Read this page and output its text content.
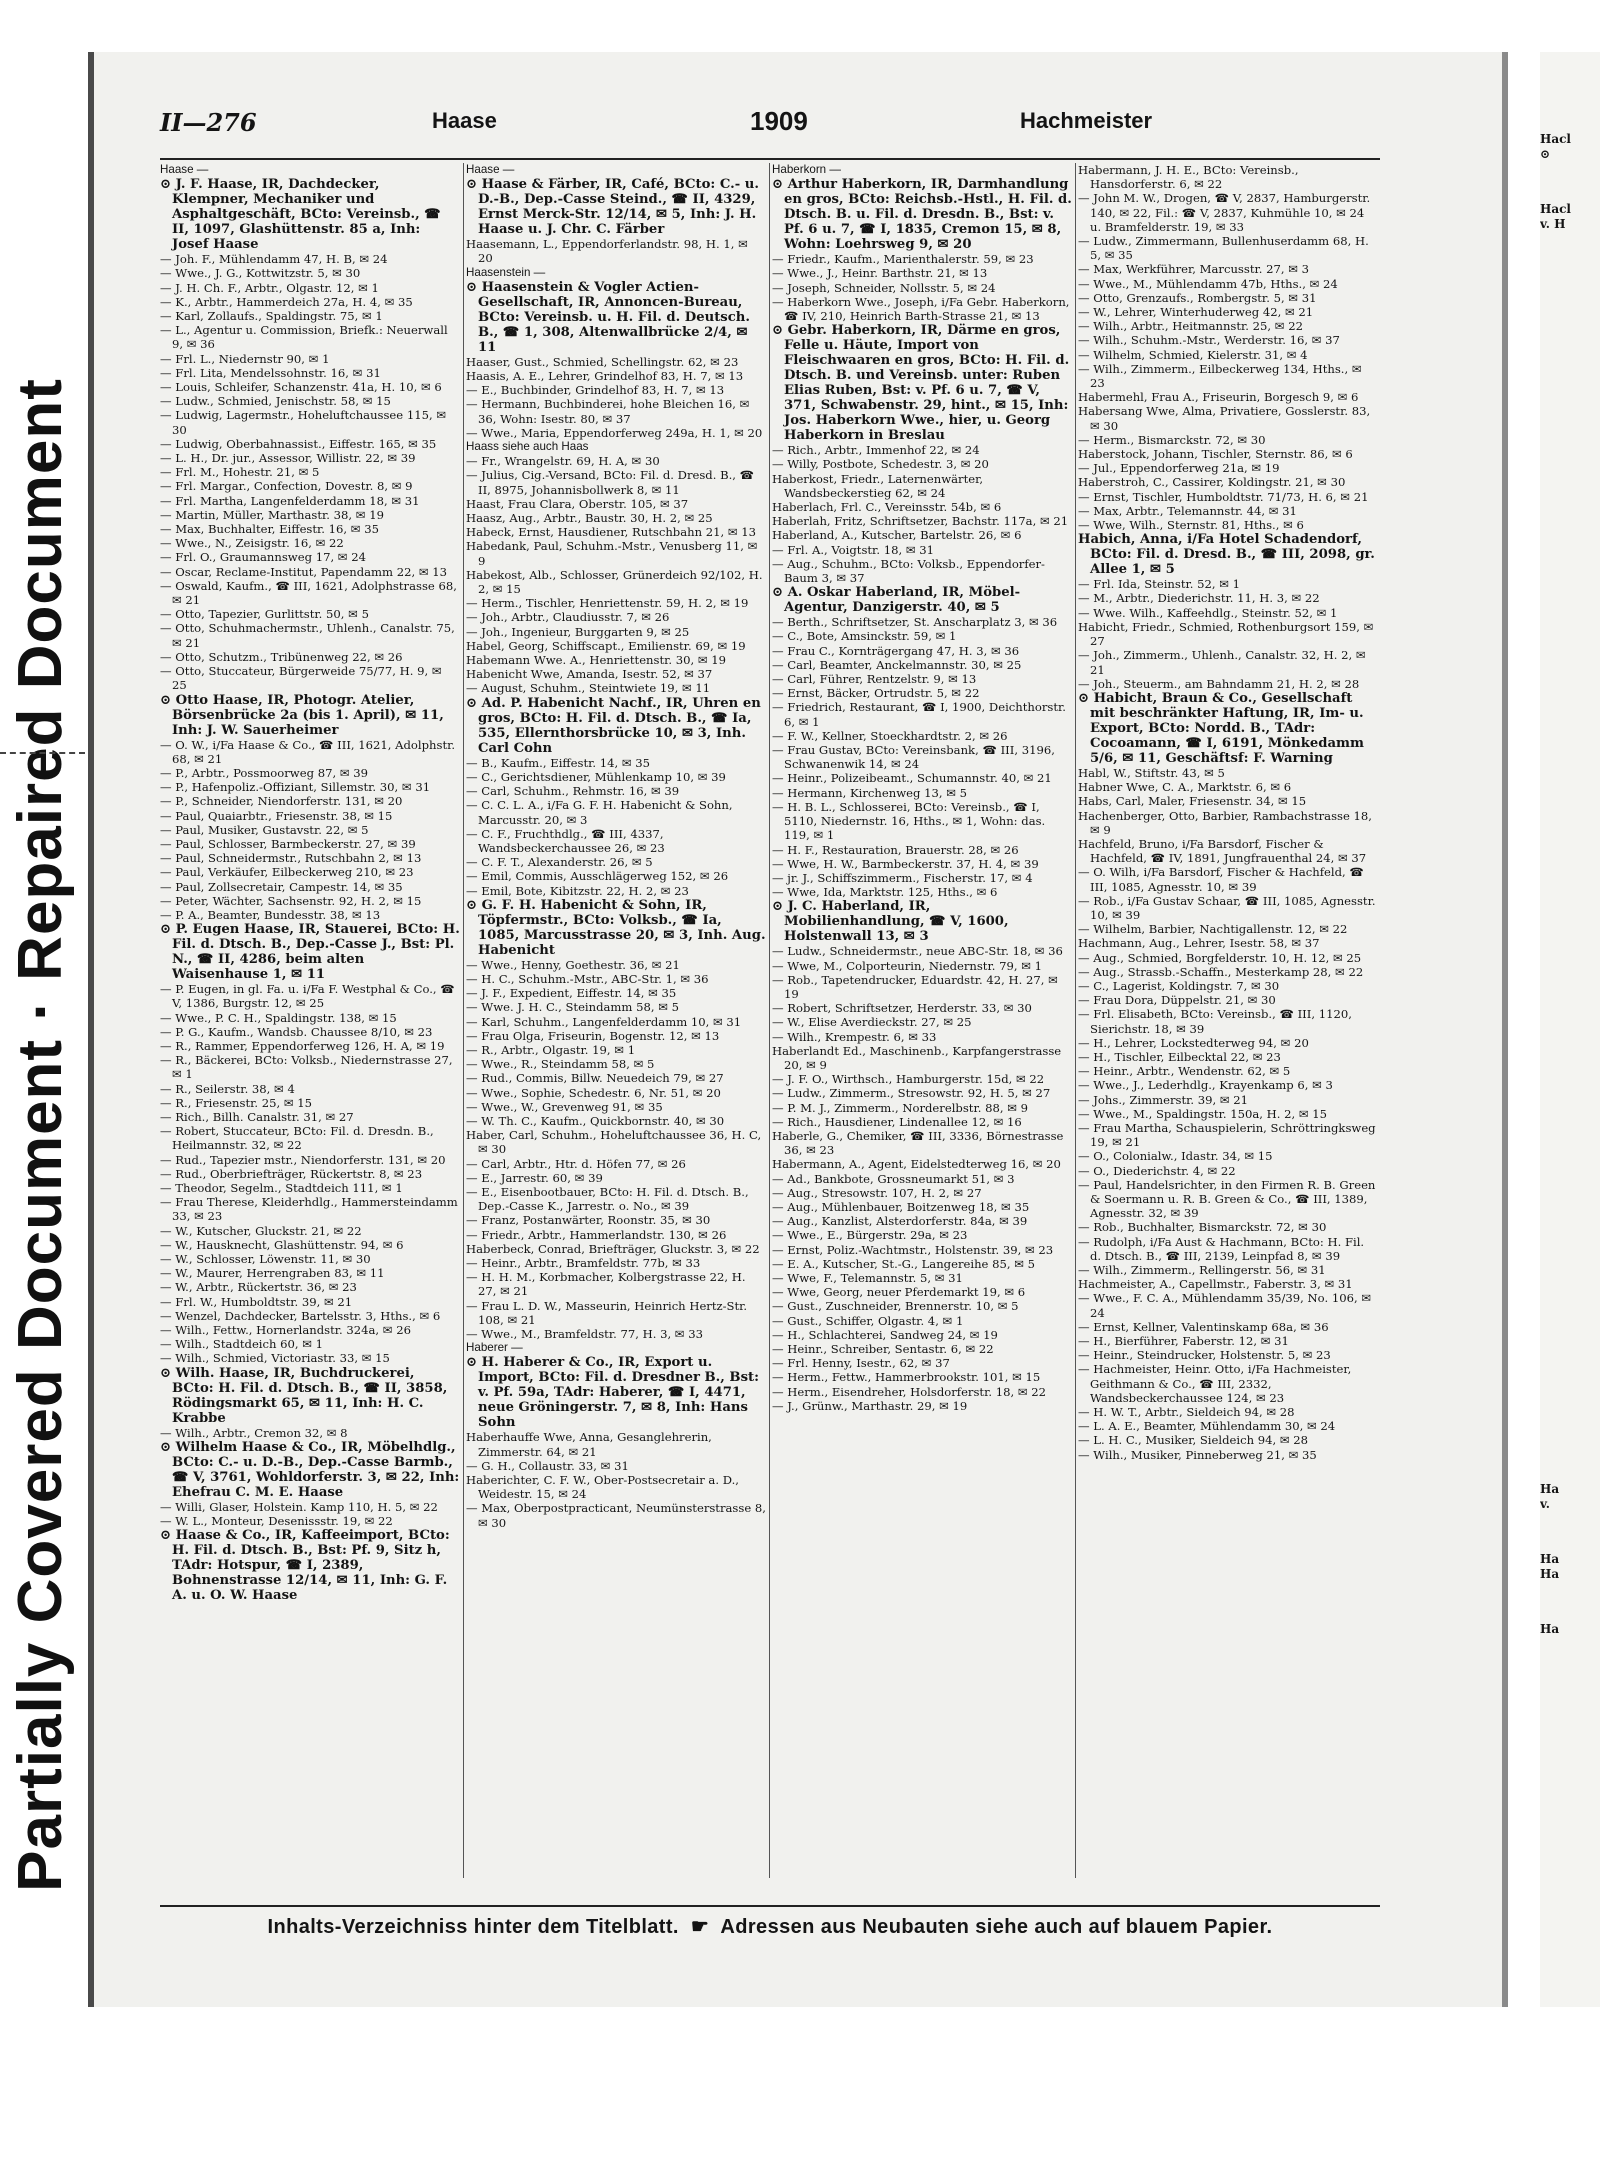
Partially Covered Document · Repaired Document
Hacl
⊙
Hacl
v. H
Ha
v.
Ha
Ha
Ha
II—276	Haase	1909	Hachmeister
Haase —
⊙ J. F. Haase, IR, Dachdecker, Klempner, Mechaniker und Asphaltgeschäft, BCto: Vereinsb., ☎ II, 1097, Glashüttenstr. 85 a, Inh: Josef Haase
— Joh. F., Mühlendamm 47, H. B, ✉ 24
— Wwe., J. G., Kottwitzstr. 5, ✉ 30
— J. H. Ch. F., Arbtr., Olgastr. 12, ✉ 1
— K., Arbtr., Hammerdeich 27a, H. 4, ✉ 35
— Karl, Zollaufs., Spaldingstr. 75, ✉ 1
— L., Agentur u. Commission, Briefk.: Neuerwall 9, ✉ 36
— Frl. L., Niedernstr 90, ✉ 1
— Frl. Lita, Mendelssohnstr. 16, ✉ 31
— Louis, Schleifer, Schanzenstr. 41a, H. 10, ✉ 6
— Ludw., Schmied, Jenischstr. 58, ✉ 15
— Ludwig, Lagermstr., Hoheluftchaussee 115, ✉ 30
— Ludwig, Oberbahnassist., Eiffestr. 165, ✉ 35
— L. H., Dr. jur., Assessor, Willistr. 22, ✉ 39
— Frl. M., Hohestr. 21, ✉ 5
— Frl. Margar., Confection, Dovestr. 8, ✉ 9
— Frl. Martha, Langenfelderdamm 18, ✉ 31
— Martin, Müller, Marthastr. 38, ✉ 19
— Max, Buchhalter, Eiffestr. 16, ✉ 35
— Wwe., N., Zeisigstr. 16, ✉ 22
— Frl. O., Graumannsweg 17, ✉ 24
— Oscar, Reclame-Institut, Papendamm 22, ✉ 13
— Oswald, Kaufm., ☎ III, 1621, Adolphstrasse 68, ✉ 21
— Otto, Tapezier, Gurlittstr. 50, ✉ 5
— Otto, Schuhmachermstr., Uhlenh., Canalstr. 75, ✉ 21
— Otto, Schutzm., Tribünenweg 22, ✉ 26
— Otto, Stuccateur, Bürgerweide 75/77, H. 9, ✉ 25
⊙ Otto Haase, IR, Photogr. Atelier, Börsenbrücke 2a (bis 1. April), ✉ 11, Inh: J. W. Sauerheimer
— O. W., i/Fa Haase & Co., ☎ III, 1621, Adolphstr. 68, ✉ 21
— P., Arbtr., Possmoorweg 87, ✉ 39
— P., Hafenpoliz.-Offiziant, Sillemstr. 30, ✉ 31
— P., Schneider, Niendorferstr. 131, ✉ 20
— Paul, Quaiarbtr., Friesenstr. 38, ✉ 15
— Paul, Musiker, Gustavstr. 22, ✉ 5
— Paul, Schlosser, Barmbeckerstr. 27, ✉ 39
— Paul, Schneidermstr., Rutschbahn 2, ✉ 13
— Paul, Verkäufer, Eilbeckerweg 210, ✉ 23
— Paul, Zollsecretair, Campestr. 14, ✉ 35
— Peter, Wächter, Sachsenstr. 92, H. 2, ✉ 15
— P. A., Beamter, Bundesstr. 38, ✉ 13
⊙ P. Eugen Haase, IR, Stauerei, BCto: H. Fil. d. Dtsch. B., Dep.-Casse J., Bst: Pl. N., ☎ II, 4286, beim alten Waisenhause 1, ✉ 11
— P. Eugen, in gl. Fa. u. i/Fa F. Westphal & Co., ☎ V, 1386, Burgstr. 12, ✉ 25
— Wwe., P. C. H., Spaldingstr. 138, ✉ 15
— P. G., Kaufm., Wandsb. Chaussee 8/10, ✉ 23
— R., Rammer, Eppendorferweg 126, H. A, ✉ 19
— R., Bäckerei, BCto: Volksb., Niedernstrasse 27, ✉ 1
— R., Seilerstr. 38, ✉ 4
— R., Friesenstr. 25, ✉ 15
— Rich., Billh. Canalstr. 31, ✉ 27
— Robert, Stuccateur, BCto: Fil. d. Dresdn. B., Heilmannstr. 32, ✉ 22
— Rud., Tapezier mstr., Niendorferstr. 131, ✉ 20
— Rud., Oberbriefträger, Rückertstr. 8, ✉ 23
— Theodor, Segelm., Stadtdeich 111, ✉ 1
— Frau Therese, Kleiderhdlg., Hammersteindamm 33, ✉ 23
— W., Kutscher, Gluckstr. 21, ✉ 22
— W., Hausknecht, Glashüttenstr. 94, ✉ 6
— W., Schlosser, Löwenstr. 11, ✉ 30
— W., Maurer, Herrengraben 83, ✉ 11
— W., Arbtr., Rückertstr. 36, ✉ 23
— Frl. W., Humboldtstr. 39, ✉ 21
— Wenzel, Dachdecker, Bartelsstr. 3, Hths., ✉ 6
— Wilh., Fettw., Hornerlandstr. 324a, ✉ 26
— Wilh., Stadtdeich 60, ✉ 1
— Wilh., Schmied, Victoriastr. 33, ✉ 15
⊙ Wilh. Haase, IR, Buchdruckerei, BCto: H. Fil. d. Dtsch. B., ☎ II, 3858, Rödingsmarkt 65, ✉ 11, Inh: H. C. Krabbe
— Wilh., Arbtr., Cremon 32, ✉ 8
⊙ Wilhelm Haase & Co., IR, Möbelhdlg., BCto: C.- u. D.-B., Dep.-Casse Barmb., ☎ V, 3761, Wohldorferstr. 3, ✉ 22, Inh: Ehefrau C. M. E. Haase
— Willi, Glaser, Holstein. Kamp 110, H. 5, ✉ 22
— W. L., Monteur, Desenissstr. 19, ✉ 22
⊙ Haase & Co., IR, Kaffeeimport, BCto: H. Fil. d. Dtsch. B., Bst: Pf. 9, Sitz h, TAdr: Hotspur, ☎ I, 2389, Bohnenstrasse 12/14, ✉ 11, Inh: G. F. A. u. O. W. Haase
Haase —
⊙ Haase & Färber, IR, Café, BCto: C.- u. D.-B., Dep.-Casse Steind., ☎ II, 4329, Ernst Merck-Str. 12/14, ✉ 5, Inh: J. H. Haase u. J. Chr. C. Färber
Haasemann, L., Eppendorferlandstr. 98, H. 1, ✉ 20
Haasenstein —
⊙ Haasenstein & Vogler Actien-Gesellschaft, IR, Annoncen-Bureau, BCto: Vereinsb. u. H. Fil. d. Deutsch. B., ☎ 1, 308, Altenwallbrücke 2/4, ✉ 11
Haaser, Gust., Schmied, Schellingstr. 62, ✉ 23
Haasis, A. E., Lehrer, Grindelhof 83, H. 7, ✉ 13
— E., Buchbinder, Grindelhof 83, H. 7, ✉ 13
— Hermann, Buchbinderei, hohe Bleichen 16, ✉ 36, Wohn: Isestr. 80, ✉ 37
— Wwe., Maria, Eppendorferweg 249a, H. 1, ✉ 20
Haass siehe auch Haas
— Fr., Wrangelstr. 69, H. A, ✉ 30
— Julius, Cig.-Versand, BCto: Fil. d. Dresd. B., ☎ II, 8975, Johannisbollwerk 8, ✉ 11
Haast, Frau Clara, Oberstr. 105, ✉ 37
Haasz, Aug., Arbtr., Baustr. 30, H. 2, ✉ 25
Habeck, Ernst, Hausdiener, Rutschbahn 21, ✉ 13
Habedank, Paul, Schuhm.-Mstr., Venusberg 11, ✉ 9
Habekost, Alb., Schlosser, Grünerdeich 92/102, H. 2, ✉ 15
— Herm., Tischler, Henriettenstr. 59, H. 2, ✉ 19
— Joh., Arbtr., Claudiusstr. 7, ✉ 26
— Joh., Ingenieur, Burggarten 9, ✉ 25
Habel, Georg, Schiffscapt., Emilienstr. 69, ✉ 19
Habemann Wwe. A., Henriettenstr. 30, ✉ 19
Habenicht Wwe, Amanda, Isestr. 52, ✉ 37
— August, Schuhm., Steintwiete 19, ✉ 11
⊙ Ad. P. Habenicht Nachf., IR, Uhren en gros, BCto: H. Fil. d. Dtsch. B., ☎ Ia, 535, Ellernthorsbrücke 10, ✉ 3, Inh. Carl Cohn
— B., Kaufm., Eiffestr. 14, ✉ 35
— C., Gerichtsdiener, Mühlenkamp 10, ✉ 39
— Carl, Schuhm., Rehmstr. 16, ✉ 39
— C. C. L. A., i/Fa G. F. H. Habenicht & Sohn, Marcusstr. 20, ✉ 3
— C. F., Fruchthdlg., ☎ III, 4337, Wandsbeckerchaussee 26, ✉ 23
— C. F. T., Alexanderstr. 26, ✉ 5
— Emil, Commis, Ausschlägerweg 152, ✉ 26
— Emil, Bote, Kibitzstr. 22, H. 2, ✉ 23
⊙ G. F. H. Habenicht & Sohn, IR, Töpfermstr., BCto: Volksb., ☎ Ia, 1085, Marcusstrasse 20, ✉ 3, Inh. Aug. Habenicht
— Wwe., Henny, Goethestr. 36, ✉ 21
— H. C., Schuhm.-Mstr., ABC-Str. 1, ✉ 36
— J. F., Expedient, Eiffestr. 14, ✉ 35
— Wwe. J. H. C., Steindamm 58, ✉ 5
— Karl, Schuhm., Langenfelderdamm 10, ✉ 31
— Frau Olga, Friseurin, Bogenstr. 12, ✉ 13
— R., Arbtr., Olgastr. 19, ✉ 1
— Wwe., R., Steindamm 58, ✉ 5
— Rud., Commis, Billw. Neuedeich 79, ✉ 27
— Wwe., Sophie, Schedestr. 6, Nr. 51, ✉ 20
— Wwe., W., Grevenweg 91, ✉ 35
— W. Th. C., Kaufm., Quickbornstr. 40, ✉ 30
Haber, Carl, Schuhm., Hoheluftchaussee 36, H. C, ✉ 30
— Carl, Arbtr., Htr. d. Höfen 77, ✉ 26
— E., Jarrestr. 60, ✉ 39
— E., Eisenbootbauer, BCto: H. Fil. d. Dtsch. B., Dep.-Casse K., Jarrestr. o. No., ✉ 39
— Franz, Postanwärter, Roonstr. 35, ✉ 30
— Friedr., Arbtr., Hammerlandstr. 130, ✉ 26
Haberbeck, Conrad, Briefträger, Gluckstr. 3, ✉ 22
— Heinr., Arbtr., Bramfeldstr. 77b, ✉ 33
— H. H. M., Korbmacher, Kolbergstrasse 22, H. 27, ✉ 21
— Frau L. D. W., Masseurin, Heinrich Hertz-Str. 108, ✉ 21
— Wwe., M., Bramfeldstr. 77, H. 3, ✉ 33
Haberer —
⊙ H. Haberer & Co., IR, Export u. Import, BCto: Fil. d. Dresdner B., Bst: v. Pf. 59a, TAdr: Haberer, ☎ I, 4471, neue Gröningerstr. 7, ✉ 8, Inh: Hans Sohn
Haberhauffe Wwe, Anna, Gesanglehrerin, Zimmerstr. 64, ✉ 21
— G. H., Collaustr. 33, ✉ 31
Haberichter, C. F. W., Ober-Postsecretair a. D., Weidestr. 15, ✉ 24
— Max, Oberpostpracticant, Neumünsterstrasse 8, ✉ 30
Haberkorn —
⊙ Arthur Haberkorn, IR, Darmhandlung en gros, BCto: Reichsb.-Hstl., H. Fil. d. Dtsch. B. u. Fil. d. Dresdn. B., Bst: v. Pf. 6 u. 7, ☎ I, 1835, Cremon 15, ✉ 8, Wohn: Loehrsweg 9, ✉ 20
— Friedr., Kaufm., Marienthalerstr. 59, ✉ 23
— Wwe., J., Heinr. Barthstr. 21, ✉ 13
— Joseph, Schneider, Nollsstr. 5, ✉ 24
— Haberkorn Wwe., Joseph, i/Fa Gebr. Haberkorn, ☎ IV, 210, Heinrich Barth-Strasse 21, ✉ 13
⊙ Gebr. Haberkorn, IR, Därme en gros, Felle u. Häute, Import von Fleischwaaren en gros, BCto: H. Fil. d. Dtsch. B. und Vereinsb. unter: Ruben Elias Ruben, Bst: v. Pf. 6 u. 7, ☎ V, 371, Schwabenstr. 29, hint., ✉ 15, Inh: Jos. Haberkorn Wwe., hier, u. Georg Haberkorn in Breslau
— Rich., Arbtr., Immenhof 22, ✉ 24
— Willy, Postbote, Schedestr. 3, ✉ 20
Haberkost, Friedr., Laternenwärter, Wandsbeckerstieg 62, ✉ 24
Haberlach, Frl. C., Vereinsstr. 54b, ✉ 6
Haberlah, Fritz, Schriftsetzer, Bachstr. 117a, ✉ 21
Haberland, A., Kutscher, Bartelstr. 26, ✉ 6
— Frl. A., Voigtstr. 18, ✉ 31
— Aug., Schuhm., BCto: Volksb., Eppendorfer-Baum 3, ✉ 37
⊙ A. Oskar Haberland, IR, Möbel-Agentur, Danzigerstr. 40, ✉ 5
— Berth., Schriftsetzer, St. Anscharplatz 3, ✉ 36
— C., Bote, Amsinckstr. 59, ✉ 1
— Frau C., Kornträgergang 47, H. 3, ✉ 36
— Carl, Beamter, Anckelmannstr. 30, ✉ 25
— Carl, Führer, Rentzelstr. 9, ✉ 13
— Ernst, Bäcker, Ortrudstr. 5, ✉ 22
— Friedrich, Restaurant, ☎ I, 1900, Deichthorstr. 6, ✉ 1
— F. W., Kellner, Stoeckhardtstr. 2, ✉ 26
— Frau Gustav, BCto: Vereinsbank, ☎ III, 3196, Schwanenwik 14, ✉ 24
— Heinr., Polizeibeamt., Schumannstr. 40, ✉ 21
— Hermann, Kirchenweg 13, ✉ 5
— H. B. L., Schlosserei, BCto: Vereinsb., ☎ I, 5110, Niedernstr. 16, Hths., ✉ 1, Wohn: das. 119, ✉ 1
— H. F., Restauration, Brauerstr. 28, ✉ 26
— Wwe, H. W., Barmbeckerstr. 37, H. 4, ✉ 39
— jr. J., Schiffszimmerm., Fischerstr. 17, ✉ 4
— Wwe, Ida, Marktstr. 125, Hths., ✉ 6
⊙ J. C. Haberland, IR, Mobilienhandlung, ☎ V, 1600, Holstenwall 13, ✉ 3
— Ludw., Schneidermstr., neue ABC-Str. 18, ✉ 36
— Wwe, M., Colporteurin, Niedernstr. 79, ✉ 1
— Rob., Tapetendrucker, Eduardstr. 42, H. 27, ✉ 19
— Robert, Schriftsetzer, Herderstr. 33, ✉ 30
— W., Elise Averdieckstr. 27, ✉ 25
— Wilh., Krempestr. 6, ✉ 33
Haberlandt Ed., Maschinenb., Karpfangerstrasse 20, ✉ 9
— J. F. O., Wirthsch., Hamburgerstr. 15d, ✉ 22
— Ludw., Zimmerm., Stresowstr. 92, H. 5, ✉ 27
— P. M. J., Zimmerm., Norderelbstr. 88, ✉ 9
— Rich., Hausdiener, Lindenallee 12, ✉ 16
Haberle, G., Chemiker, ☎ III, 3336, Börnestrasse 36, ✉ 23
Habermann, A., Agent, Eidelstedterweg 16, ✉ 20
— Ad., Bankbote, Grossneumarkt 51, ✉ 3
— Aug., Stresowstr. 107, H. 2, ✉ 27
— Aug., Mühlenbauer, Boitzenweg 18, ✉ 35
— Aug., Kanzlist, Alsterdorferstr. 84a, ✉ 39
— Wwe., E., Bürgerstr. 29a, ✉ 23
— Ernst, Poliz.-Wachtmstr., Holstenstr. 39, ✉ 23
— E. A., Kutscher, St.-G., Langereihe 85, ✉ 5
— Wwe, F., Telemannstr. 5, ✉ 31
— Wwe, Georg, neuer Pferdemarkt 19, ✉ 6
— Gust., Zuschneider, Brennerstr. 10, ✉ 5
— Gust., Schiffer, Olgastr. 4, ✉ 1
— H., Schlachterei, Sandweg 24, ✉ 19
— Heinr., Schreiber, Sentastr. 6, ✉ 22
— Frl. Henny, Isestr., 62, ✉ 37
— Herm., Fettw., Hammerbrookstr. 101, ✉ 15
— Herm., Eisendreher, Holsdorferstr. 18, ✉ 22
— J., Grünw., Marthastr. 29, ✉ 19
Habermann, J. H. E., BCto: Vereinsb., Hansdorferstr. 6, ✉ 22
— John M. W., Drogen, ☎ V, 2837, Hamburgerstr. 140, ✉ 22, Fil.: ☎ V, 2837, Kuhmühle 10, ✉ 24 u. Bramfelderstr. 19, ✉ 33
— Ludw., Zimmermann, Bullenhuserdamm 68, H. 5, ✉ 35
— Max, Werkführer, Marcusstr. 27, ✉ 3
— Wwe., M., Mühlendamm 47b, Hths., ✉ 24
— Otto, Grenzaufs., Rombergstr. 5, ✉ 31
— W., Lehrer, Winterhuderweg 42, ✉ 21
— Wilh., Arbtr., Heitmannstr. 25, ✉ 22
— Wilh., Schuhm.-Mstr., Werderstr. 16, ✉ 37
— Wilhelm, Schmied, Kielerstr. 31, ✉ 4
— Wilh., Zimmerm., Eilbeckerweg 134, Hths., ✉ 23
Habermehl, Frau A., Friseurin, Borgesch 9, ✉ 6
Habersang Wwe, Alma, Privatiere, Gosslerstr. 83, ✉ 30
— Herm., Bismarckstr. 72, ✉ 30
Haberstock, Johann, Tischler, Sternstr. 86, ✉ 6
— Jul., Eppendorferweg 21a, ✉ 19
Haberstroh, C., Cassirer, Koldingstr. 21, ✉ 30
— Ernst, Tischler, Humboldtstr. 71/73, H. 6, ✉ 21
— Max, Arbtr., Telemannstr. 44, ✉ 31
— Wwe, Wilh., Sternstr. 81, Hths., ✉ 6
Habich, Anna, i/Fa Hotel Schadendorf, BCto: Fil. d. Dresd. B., ☎ III, 2098, gr. Allee 1, ✉ 5
— Frl. Ida, Steinstr. 52, ✉ 1
— M., Arbtr., Diederichstr. 11, H. 3, ✉ 22
— Wwe. Wilh., Kaffeehdlg., Steinstr. 52, ✉ 1
Habicht, Friedr., Schmied, Rothenburgsort 159, ✉ 27
— Joh., Zimmerm., Uhlenh., Canalstr. 32, H. 2, ✉ 21
— Joh., Steuerm., am Bahndamm 21, H. 2, ✉ 28
⊙ Habicht, Braun & Co., Gesellschaft mit beschränkter Haftung, IR, Im- u. Export, BCto: Nordd. B., TAdr: Cocoamann, ☎ I, 6191, Mönkedamm 5/6, ✉ 11, Geschäftsf: F. Warning
Habl, W., Stiftstr. 43, ✉ 5
Habner Wwe, C. A., Marktstr. 6, ✉ 6
Habs, Carl, Maler, Friesenstr. 34, ✉ 15
Hachenberger, Otto, Barbier, Rambachstrasse 18, ✉ 9
Hachfeld, Bruno, i/Fa Barsdorf, Fischer & Hachfeld, ☎ IV, 1891, Jungfrauenthal 24, ✉ 37
— O. Wilh, i/Fa Barsdorf, Fischer & Hachfeld, ☎ III, 1085, Agnesstr. 10, ✉ 39
— Rob., i/Fa Gustav Schaar, ☎ III, 1085, Agnesstr. 10, ✉ 39
— Wilhelm, Barbier, Nachtigallenstr. 12, ✉ 22
Hachmann, Aug., Lehrer, Isestr. 58, ✉ 37
— Aug., Schmied, Borgfelderstr. 10, H. 12, ✉ 25
— Aug., Strassb.-Schaffn., Mesterkamp 28, ✉ 22
— C., Lagerist, Koldingstr. 7, ✉ 30
— Frau Dora, Düppelstr. 21, ✉ 30
— Frl. Elisabeth, BCto: Vereinsb., ☎ III, 1120, Sierichstr. 18, ✉ 39
— H., Lehrer, Lockstedterweg 94, ✉ 20
— H., Tischler, Eilbecktal 22, ✉ 23
— Heinr., Arbtr., Wendenstr. 62, ✉ 5
— Wwe., J., Lederhdlg., Krayenkamp 6, ✉ 3
— Johs., Zimmerstr. 39, ✉ 21
— Wwe., M., Spaldingstr. 150a, H. 2, ✉ 15
— Frau Martha, Schauspielerin, Schröttringksweg 19, ✉ 21
— O., Colonialw., Idastr. 34, ✉ 15
— O., Diederichstr. 4, ✉ 22
— Paul, Handelsrichter, in den Firmen R. B. Green & Soermann u. R. B. Green & Co., ☎ III, 1389, Agnesstr. 32, ✉ 39
— Rob., Buchhalter, Bismarckstr. 72, ✉ 30
— Rudolph, i/Fa Aust & Hachmann, BCto: H. Fil. d. Dtsch. B., ☎ III, 2139, Leinpfad 8, ✉ 39
— Wilh., Zimmerm., Rellingerstr. 56, ✉ 31
Hachmeister, A., Capellmstr., Faberstr. 3, ✉ 31
— Wwe., F. C. A., Mühlendamm 35/39, No. 106, ✉ 24
— Ernst, Kellner, Valentinskamp 68a, ✉ 36
— H., Bierführer, Faberstr. 12, ✉ 31
— Heinr., Steindrucker, Holstenstr. 5, ✉ 23
— Hachmeister, Heinr. Otto, i/Fa Hachmeister, Geithmann & Co., ☎ III, 2332, Wandsbeckerchaussee 124, ✉ 23
— H. W. T., Arbtr., Sieldeich 94, ✉ 28
— L. A. E., Beamter, Mühlendamm 30, ✉ 24
— L. H. C., Musiker, Sieldeich 94, ✉ 28
— Wilh., Musiker, Pinneberweg 21, ✉ 35
Inhalts-Verzeichniss hinter dem Titelblatt. ☛ Adressen aus Neubauten siehe auch auf blauem Papier.
